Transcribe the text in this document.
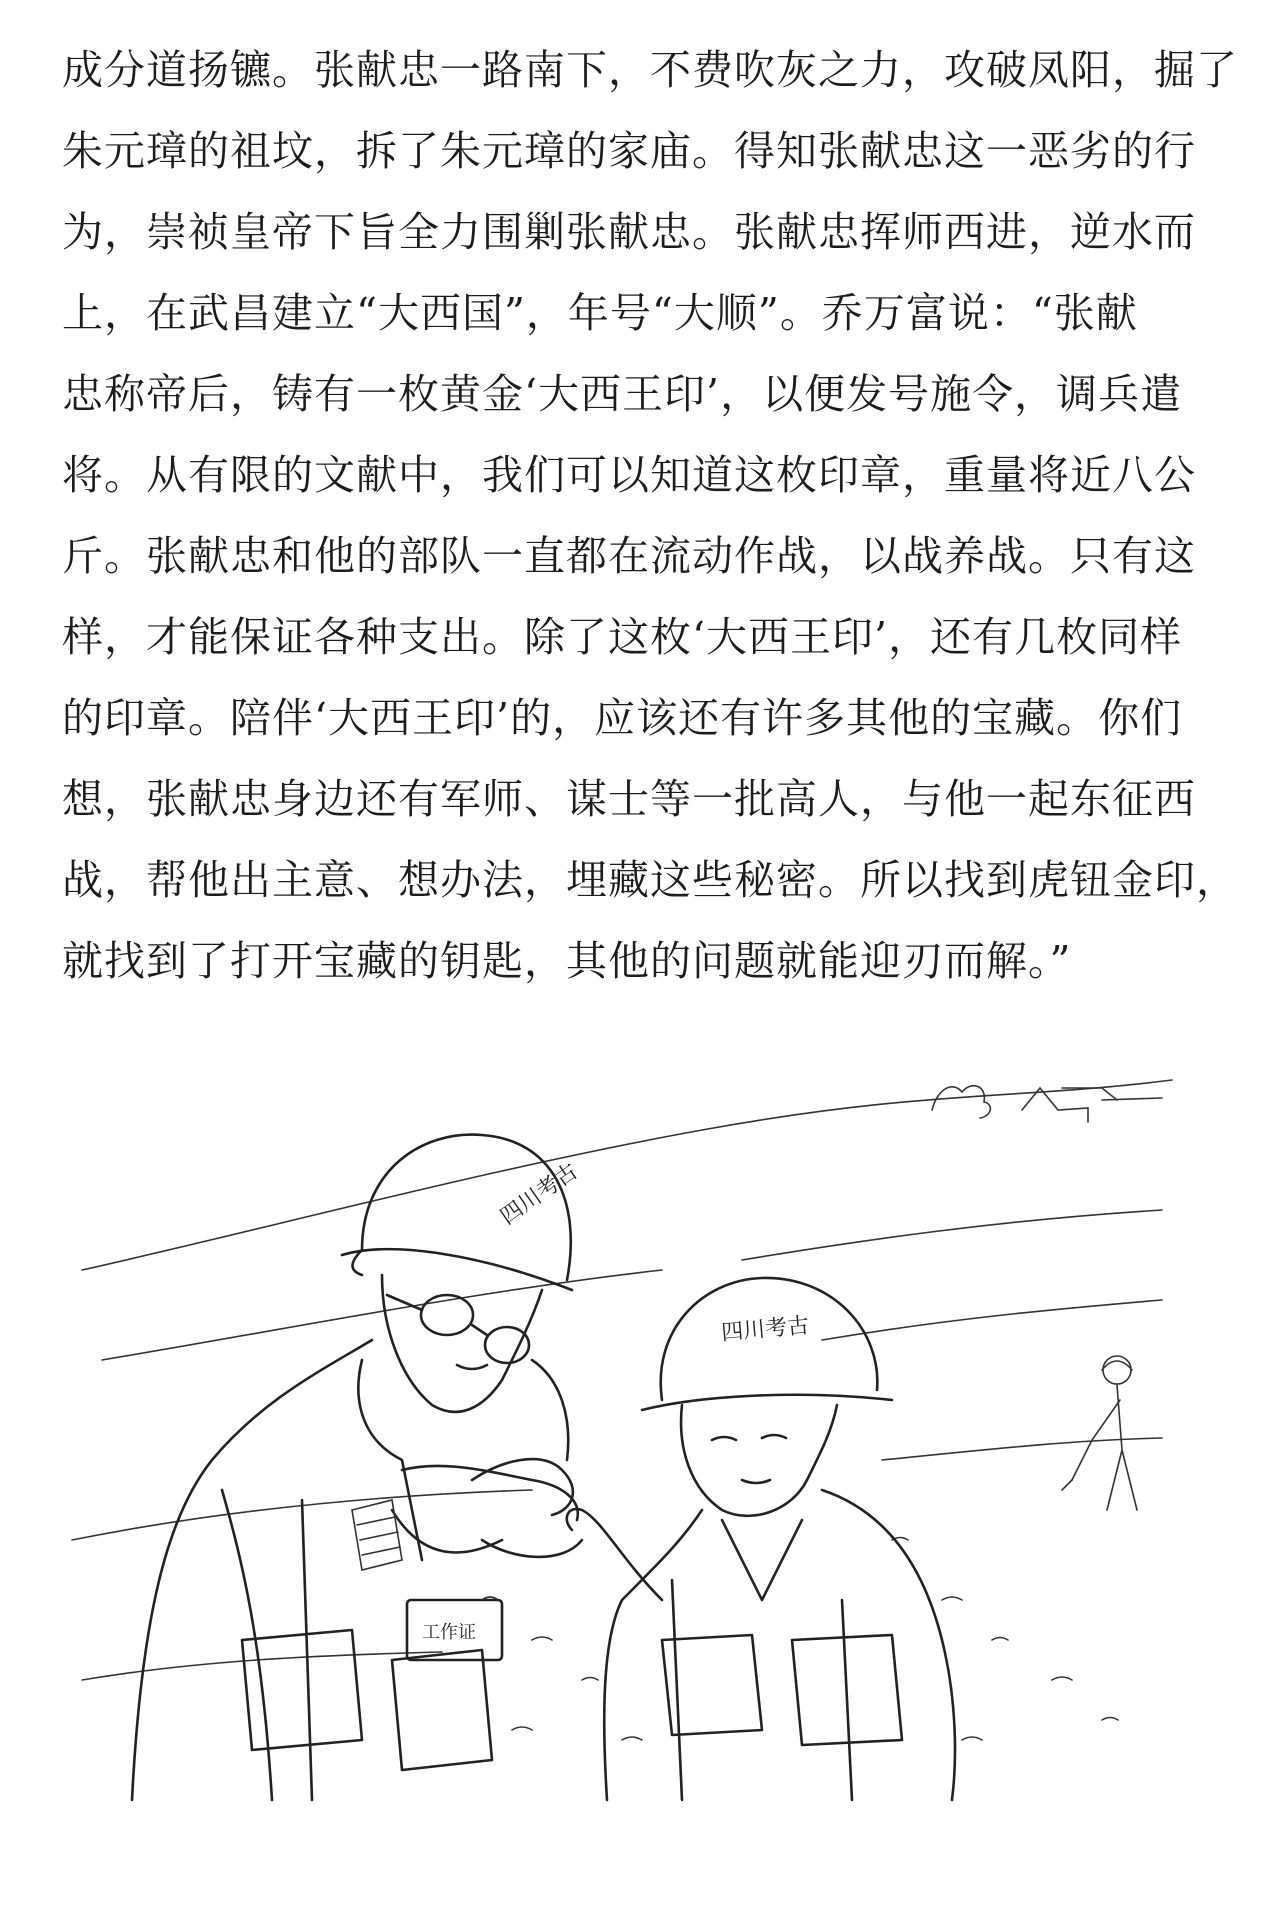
成分道扬镳。张献忠一路南下，不费吹灰之力，攻破凤阳，掘了
朱元璋的祖坟，拆了朱元璋的家庙。得知张献忠这一恶劣的行
为，崇祯皇帝下旨全力围剿张献忠。张献忠挥师西进，逆水而
上，在武昌建立“大西国”，年号“大顺”。乔万富说：“张献
忠称帝后，铸有一枚黄金‘大西王印’，以便发号施令，调兵遣
将。从有限的文献中，我们可以知道这枚印章，重量将近八公
斤。张献忠和他的部队一直都在流动作战，以战养战。只有这
样，才能保证各种支出。除了这枚‘大西王印’，还有几枚同样
的印章。陪伴‘大西王印’的，应该还有许多其他的宝藏。你们
想，张献忠身边还有军师、谋士等一批高人，与他一起东征西
战，帮他出主意、想办法，埋藏这些秘密。所以找到虎钮金印，
就找到了打开宝藏的钥匙，其他的问题就能迎刃而解。”
四川考古
工作证
四川考古
